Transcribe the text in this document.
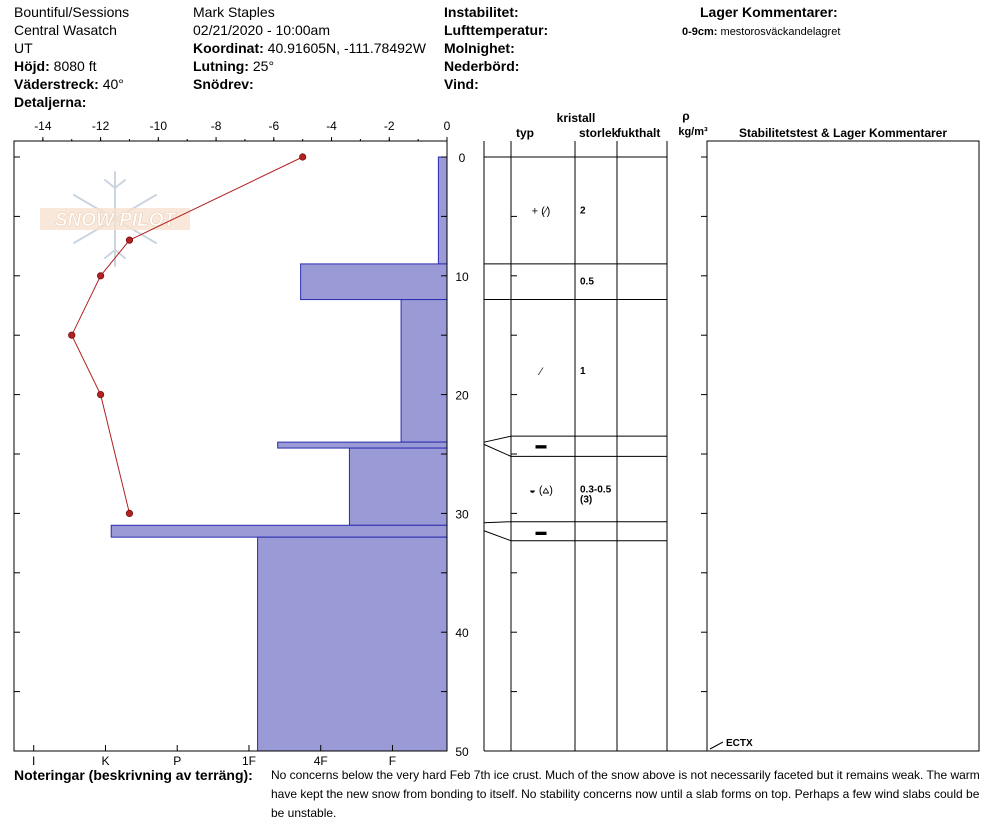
Bountiful/Sessions
Central Wasatch
UT
Höjd: 8080 ft
Väderstreck: 40°
Detaljerna:
Mark Staples
02/21/2020 - 10:00am
Koordinat: 40.91605N, -111.78492W
Lutning: 25°
Snödrev:
Instabilitet:
Lufttemperatur:
Molnighet:
Nederbörd:
Vind:
Lager Kommentarer:
0-9cm: mestorosväckandelagret
SNOW PILOT
-14	-12	-10	-8	-6	-4	-2	0
0
10
20
30
40
50
I	K	P	1F	4F	F
+ (⁄)	2
0.5
⁄	1
▬
◒ (⩟)	0.3-0.5
(3)
▬
ECTX
kristall
typ	storlek
fukthalt
ρ
kg/m³	Stabilitetstest & Lager Kommentarer
Noteringar (beskrivning av terräng): No concerns below the very hard Feb 7th ice crust. Much of the snow above is not necessarily faceted but it remains weak. The warm have kept the new snow from bonding to itself. No stability concerns now until a slab forms on top. Perhaps a few wind slabs could be be unstable.
